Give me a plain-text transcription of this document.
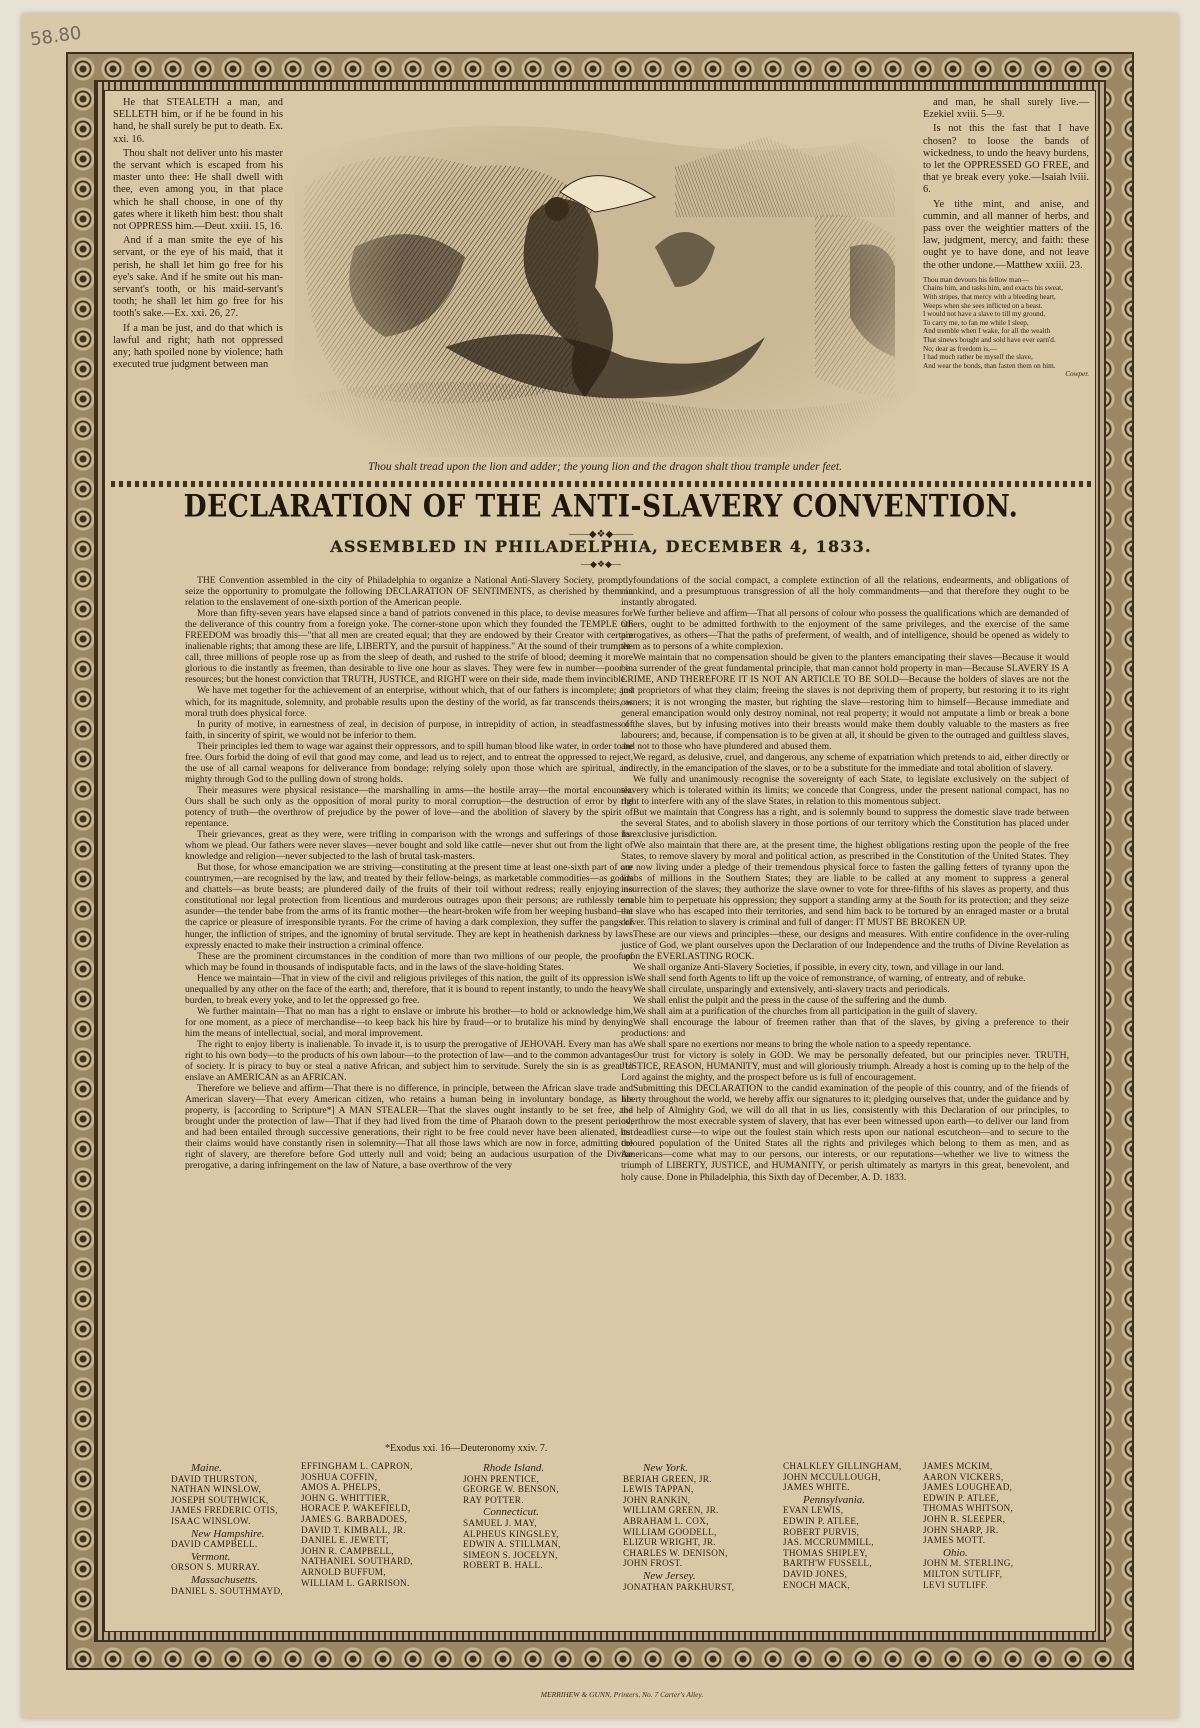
58.80

He that STEALETH a man, and SELLETH him, or if he be found in his hand, he shall surely be put to death. Ex. xxi. 16.

Thou shalt not deliver unto his master the servant which is escaped from his master unto thee: He shall dwell with thee, even among you, in that place which he shall choose, in one of thy gates where it liketh him best: thou shalt not OPPRESS him.—Deut. xxiii. 15, 16.

And if a man smite the eye of his servant, or the eye of his maid, that it perish, he shall let him go free for his eye's sake. And if he smite out his man-servant's tooth, or his maid-servant's tooth; he shall let him go free for his tooth's sake.—Ex. xxi. 26, 27.

If a man be just, and do that which is lawful and right; hath not oppressed any; hath spoiled none by violence; hath executed true judgment between man

Thou shalt tread upon the lion and adder; the young lion and the dragon shalt thou trample under feet.

and man, he shall surely live.—Ezekiel xviii. 5—9.

Is not this the fast that I have chosen? to loose the bands of wickedness, to undo the heavy burdens, to let the OPPRESSED GO FREE, and that ye break every yoke.—Isaiah lviii. 6.

Ye tithe mint, and anise, and cummin, and all manner of herbs, and pass over the weightier matters of the law, judgment, mercy, and faith: these ought ye to have done, and not leave the other undone.—Matthew xxiii. 23.

Thou man devours his fellow man—
Chains him, and tasks him, and exacts his sweat,
With stripes, that mercy with a bleeding heart,
Weeps when she sees inflicted on a beast.
I would not have a slave to till my ground,
To carry me, to fan me while I sleep,
And tremble when I wake, for all the wealth
That sinews bought and sold have ever earn'd.
No; dear as freedom is,—
I had much rather be myself the slave,
And wear the bonds, than fasten them on him.
Cowper.
DECLARATION OF THE ANTI-SLAVERY CONVENTION.
——◆❖◆——
ASSEMBLED IN PHILADELPHIA, DECEMBER 4, 1833.
—◆❖◆—

THE Convention assembled in the city of Philadelphia to organize a National Anti-Slavery Society, promptly seize the opportunity to promulgate the following DECLARATION OF SENTIMENTS, as cherished by them in relation to the enslavement of one-sixth portion of the American people.

More than fifty-seven years have elapsed since a band of patriots convened in this place, to devise measures for the deliverance of this country from a foreign yoke. The corner-stone upon which they founded the TEMPLE OF FREEDOM was broadly this—"that all men are created equal; that they are endowed by their Creator with certain inalienable rights; that among these are life, LIBERTY, and the pursuit of happiness." At the sound of their trumpet-call, three millions of people rose up as from the sleep of death, and rushed to the strife of blood; deeming it more glorious to die instantly as freemen, than desirable to live one hour as slaves. They were few in number—poor in resources; but the honest conviction that TRUTH, JUSTICE, and RIGHT were on their side, made them invincible.

We have met together for the achievement of an enterprise, without which, that of our fathers is incomplete; and which, for its magnitude, solemnity, and probable results upon the destiny of the world, as far transcends theirs, as moral truth does physical force.

In purity of motive, in earnestness of zeal, in decision of purpose, in intrepidity of action, in steadfastness of faith, in sincerity of spirit, we would not be inferior to them.

Their principles led them to wage war against their oppressors, and to spill human blood like water, in order to be free. Ours forbid the doing of evil that good may come, and lead us to reject, and to entreat the oppressed to reject, the use of all carnal weapons for deliverance from bondage; relying solely upon those which are spiritual, and mighty through God to the pulling down of strong holds.

Their measures were physical resistance—the marshalling in arms—the hostile array—the mortal encounter. Ours shall be such only as the opposition of moral purity to moral corruption—the destruction of error by the potency of truth—the overthrow of prejudice by the power of love—and the abolition of slavery by the spirit of repentance.

Their grievances, great as they were, were trifling in comparison with the wrongs and sufferings of those for whom we plead. Our fathers were never slaves—never bought and sold like cattle—never shut out from the light of knowledge and religion—never subjected to the lash of brutal task-masters.

But those, for whose emancipation we are striving—constituting at the present time at least one-sixth part of our countrymen,—are recognised by the law, and treated by their fellow-beings, as marketable commodities—as goods and chattels—as brute beasts; are plundered daily of the fruits of their toil without redress; really enjoying no constitutional nor legal protection from licentious and murderous outrages upon their persons; are ruthlessly torn asunder—the tender babe from the arms of its frantic mother—the heart-broken wife from her weeping husband—at the caprice or pleasure of irresponsible tyrants. For the crime of having a dark complexion, they suffer the pangs of hunger, the infliction of stripes, and the ignominy of brutal servitude. They are kept in heathenish darkness by laws expressly enacted to make their instruction a criminal offence.

These are the prominent circumstances in the condition of more than two millions of our people, the proof of which may be found in thousands of indisputable facts, and in the laws of the slave-holding States.

Hence we maintain—That in view of the civil and religious privileges of this nation, the guilt of its oppression is unequalled by any other on the face of the earth; and, therefore, that it is bound to repent instantly, to undo the heavy burden, to break every yoke, and to let the oppressed go free.

We further maintain—That no man has a right to enslave or imbrute his brother—to hold or acknowledge him, for one moment, as a piece of merchandise—to keep back his hire by fraud—or to brutalize his mind by denying him the means of intellectual, social, and moral improvement.

The right to enjoy liberty is inalienable. To invade it, is to usurp the prerogative of JEHOVAH. Every man has a right to his own body—to the products of his own labour—to the protection of law—and to the common advantages of society. It is piracy to buy or steal a native African, and subject him to servitude. Surely the sin is as great to enslave an AMERICAN as an AFRICAN.

Therefore we believe and affirm—That there is no difference, in principle, between the African slave trade and American slavery—That every American citizen, who retains a human being in involuntary bondage, as his property, is [according to Scripture*] A MAN STEALER—That the slaves ought instantly to be set free, and brought under the protection of law—That if they had lived from the time of Pharaoh down to the present period, and had been entailed through successive generations, their right to be free could never have been alienated, but their claims would have constantly risen in solemnity—That all those laws which are now in force, admitting the right of slavery, are therefore before God utterly null and void; being an audacious usurpation of the Divine prerogative, a daring infringement on the law of Nature, a base overthrow of the very

foundations of the social compact, a complete extinction of all the relations, endearments, and obligations of mankind, and a presumptuous transgression of all the holy commandments—and that therefore they ought to be instantly abrogated.

We further believe and affirm—That all persons of colour who possess the qualifications which are demanded of others, ought to be admitted forthwith to the enjoyment of the same privileges, and the exercise of the same prerogatives, as others—That the paths of preferment, of wealth, and of intelligence, should be opened as widely to them as to persons of a white complexion.

We maintain that no compensation should be given to the planters emancipating their slaves—Because it would be a surrender of the great fundamental principle, that man cannot hold property in man—Because SLAVERY IS A CRIME, AND THEREFORE IT IS NOT AN ARTICLE TO BE SOLD—Because the holders of slaves are not the just proprietors of what they claim; freeing the slaves is not depriving them of property, but restoring it to its right owners; it is not wronging the master, but righting the slave—restoring him to himself—Because immediate and general emancipation would only destroy nominal, not real property; it would not amputate a limb or break a bone of the slaves, but by infusing motives into their breasts would make them doubly valuable to the masters as free labourers; and, because, if compensation is to be given at all, it should be given to the outraged and guiltless slaves, and not to those who have plundered and abused them.

We regard, as delusive, cruel, and dangerous, any scheme of expatriation which pretends to aid, either directly or indirectly, in the emancipation of the slaves, or to be a substitute for the immediate and total abolition of slavery.

We fully and unanimously recognise the sovereignty of each State, to legislate exclusively on the subject of slavery which is tolerated within its limits; we concede that Congress, under the present national compact, has no right to interfere with any of the slave States, in relation to this momentous subject.

But we maintain that Congress has a right, and is solemnly bound to suppress the domestic slave trade between the several States, and to abolish slavery in those portions of our territory which the Constitution has placed under its exclusive jurisdiction.

We also maintain that there are, at the present time, the highest obligations resting upon the people of the free States, to remove slavery by moral and political action, as prescribed in the Constitution of the United States. They are now living under a pledge of their tremendous physical force to fasten the galling fetters of tyranny upon the limbs of millions in the Southern States; they are liable to be called at any moment to suppress a general insurrection of the slaves; they authorize the slave owner to vote for three-fifths of his slaves as property, and thus enable him to perpetuate his oppression; they support a standing army at the South for its protection; and they seize the slave who has escaped into their territories, and send him back to be tortured by an enraged master or a brutal driver. This relation to slavery is criminal and full of danger: IT MUST BE BROKEN UP.

These are our views and principles—these, our designs and measures. With entire confidence in the over-ruling justice of God, we plant ourselves upon the Declaration of our Independence and the truths of Divine Revelation as upon the EVERLASTING ROCK.

We shall organize Anti-Slavery Societies, if possible, in every city, town, and village in our land.

We shall send forth Agents to lift up the voice of remonstrance, of warning, of entreaty, and of rebuke.

We shall circulate, unsparingly and extensively, anti-slavery tracts and periodicals.

We shall enlist the pulpit and the press in the cause of the suffering and the dumb.

We shall aim at a purification of the churches from all participation in the guilt of slavery.

We shall encourage the labour of freemen rather than that of the slaves, by giving a preference to their productions: and

We shall spare no exertions nor means to bring the whole nation to a speedy repentance.

Our trust for victory is solely in GOD. We may be personally defeated, but our principles never. TRUTH, JUSTICE, REASON, HUMANITY, must and will gloriously triumph. Already a host is coming up to the help of the Lord against the mighty, and the prospect before us is full of encouragement.

Submitting this DECLARATION to the candid examination of the people of this country, and of the friends of liberty throughout the world, we hereby affix our signatures to it; pledging ourselves that, under the guidance and by the help of Almighty God, we will do all that in us lies, consistently with this Declaration of our principles, to overthrow the most execrable system of slavery, that has ever been witnessed upon earth—to deliver our land from its deadliest curse—to wipe out the foulest stain which rests upon our national escutcheon—and to secure to the coloured population of the United States all the rights and privileges which belong to them as men, and as Americans—come what may to our persons, our interests, or our reputations—whether we live to witness the triumph of LIBERTY, JUSTICE, and HUMANITY, or perish ultimately as martyrs in this great, benevolent, and holy cause. Done in Philadelphia, this Sixth day of December, A. D. 1833.

*Exodus xxi. 16—Deuteronomy xxiv. 7.
Maine.
DAVID THURSTON,
NATHAN WINSLOW,
JOSEPH SOUTHWICK,
JAMES FREDERIC OTIS,
ISAAC WINSLOW.
New Hampshire.
DAVID CAMPBELL.
Vermont.
ORSON S. MURRAY.
Massachusetts.
DANIEL S. SOUTHMAYD,
EFFINGHAM L. CAPRON,
JOSHUA COFFIN,
AMOS A. PHELPS,
JOHN G. WHITTIER,
HORACE P. WAKEFIELD,
JAMES G. BARBADOES,
DAVID T. KIMBALL, JR.
DANIEL E. JEWETT,
JOHN R. CAMPBELL,
NATHANIEL SOUTHARD,
ARNOLD BUFFUM,
WILLIAM L. GARRISON.
Rhode Island.
JOHN PRENTICE,
GEORGE W. BENSON,
RAY POTTER.
Connecticut.
SAMUEL J. MAY,
ALPHEUS KINGSLEY,
EDWIN A. STILLMAN,
SIMEON S. JOCELYN,
ROBERT B. HALL.
New York.
BERIAH GREEN, JR.
LEWIS TAPPAN,
JOHN RANKIN,
WILLIAM GREEN, JR.
ABRAHAM L. COX,
WILLIAM GOODELL,
ELIZUR WRIGHT, JR.
CHARLES W. DENISON,
JOHN FROST.
New Jersey.
JONATHAN PARKHURST,
CHALKLEY GILLINGHAM,
JOHN MCCULLOUGH,
JAMES WHITE.
Pennsylvania.
EVAN LEWIS,
EDWIN P. ATLEE,
ROBERT PURVIS,
JAS. MCCRUMMILL,
THOMAS SHIPLEY,
BARTH'W FUSSELL,
DAVID JONES,
ENOCH MACK,
JAMES MCKIM,
AARON VICKERS,
JAMES LOUGHEAD,
EDWIN P. ATLEE,
THOMAS WHITSON,
JOHN R. SLEEPER,
JOHN SHARP, JR.
JAMES MOTT.
Ohio.
JOHN M. STERLING,
MILTON SUTLIFF,
LEVI SUTLIFF.
MERRIHEW & GUNN, Printers, No. 7 Carter's Alley.
